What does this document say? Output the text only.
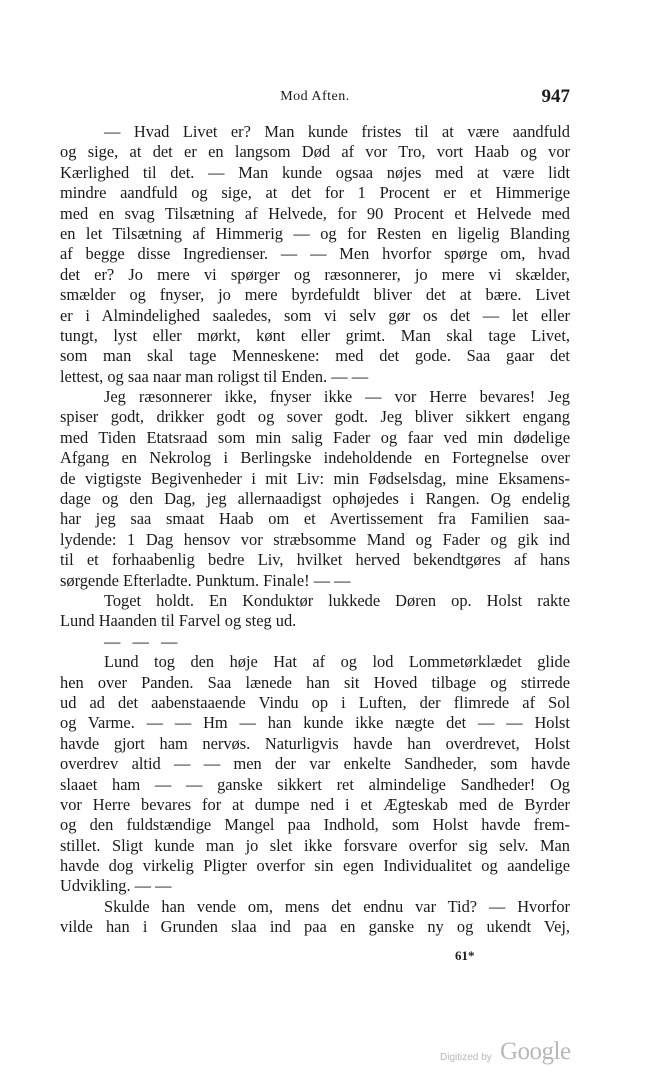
Mod Aften.	947
— Hvad Livet er? Man kunde fristes til at være aandfuld
og sige, at det er en langsom Død af vor Tro, vort Haab og vor
Kærlighed til det. — Man kunde ogsaa nøjes med at være lidt
mindre aandfuld og sige, at det for 1 Procent er et Himmerige
med en svag Tilsætning af Helvede, for 90 Procent et Helvede med
en let Tilsætning af Himmerig — og for Resten en ligelig Blanding
af begge disse Ingredienser. — — Men hvorfor spørge om, hvad
det er? Jo mere vi spørger og ræsonnerer, jo mere vi skælder,
smælder og fnyser, jo mere byrdefuldt bliver det at bære. Livet
er i Almindelighed saaledes, som vi selv gør os det — let eller
tungt, lyst eller mørkt, kønt eller grimt. Man skal tage Livet,
som man skal tage Menneskene: med det gode. Saa gaar det
lettest, og saa naar man roligst til Enden. — —
Jeg ræsonnerer ikke, fnyser ikke — vor Herre bevares! Jeg
spiser godt, drikker godt og sover godt. Jeg bliver sikkert engang
med Tiden Etatsraad som min salig Fader og faar ved min dødelige
Afgang en Nekrolog i Berlingske indeholdende en Fortegnelse over
de vigtigste Begivenheder i mit Liv: min Fødselsdag, mine Eksamens-
dage og den Dag, jeg allernaadigst ophøjedes i Rangen. Og endelig
har jeg saa smaat Haab om et Avertissement fra Familien saa-
lydende: 1 Dag hensov vor stræbsomme Mand og Fader og gik ind
til et forhaabenlig bedre Liv, hvilket herved bekendtgøres af hans
sørgende Efterladte. Punktum. Finale! — —
Toget holdt. En Konduktør lukkede Døren op. Holst rakte
Lund Haanden til Farvel og steg ud.
— — —
Lund tog den høje Hat af og lod Lommetørklædet glide
hen over Panden. Saa lænede han sit Hoved tilbage og stirrede
ud ad det aabenstaaende Vindu op i Luften, der flimrede af Sol
og Varme. — — Hm — han kunde ikke nægte det — — Holst
havde gjort ham nervøs. Naturligvis havde han overdrevet, Holst
overdrev altid — — men der var enkelte Sandheder, som havde
slaaet ham — — ganske sikkert ret almindelige Sandheder! Og
vor Herre bevares for at dumpe ned i et Ægteskab med de Byrder
og den fuldstændige Mangel paa Indhold, som Holst havde frem-
stillet. Sligt kunde man jo slet ikke forsvare overfor sig selv. Man
havde dog virkelig Pligter overfor sin egen Individualitet og aandelige
Udvikling. — —
Skulde han vende om, mens det endnu var Tid? — Hvorfor
vilde han i Grunden slaa ind paa en ganske ny og ukendt Vej,
61*
Digitized by Google
